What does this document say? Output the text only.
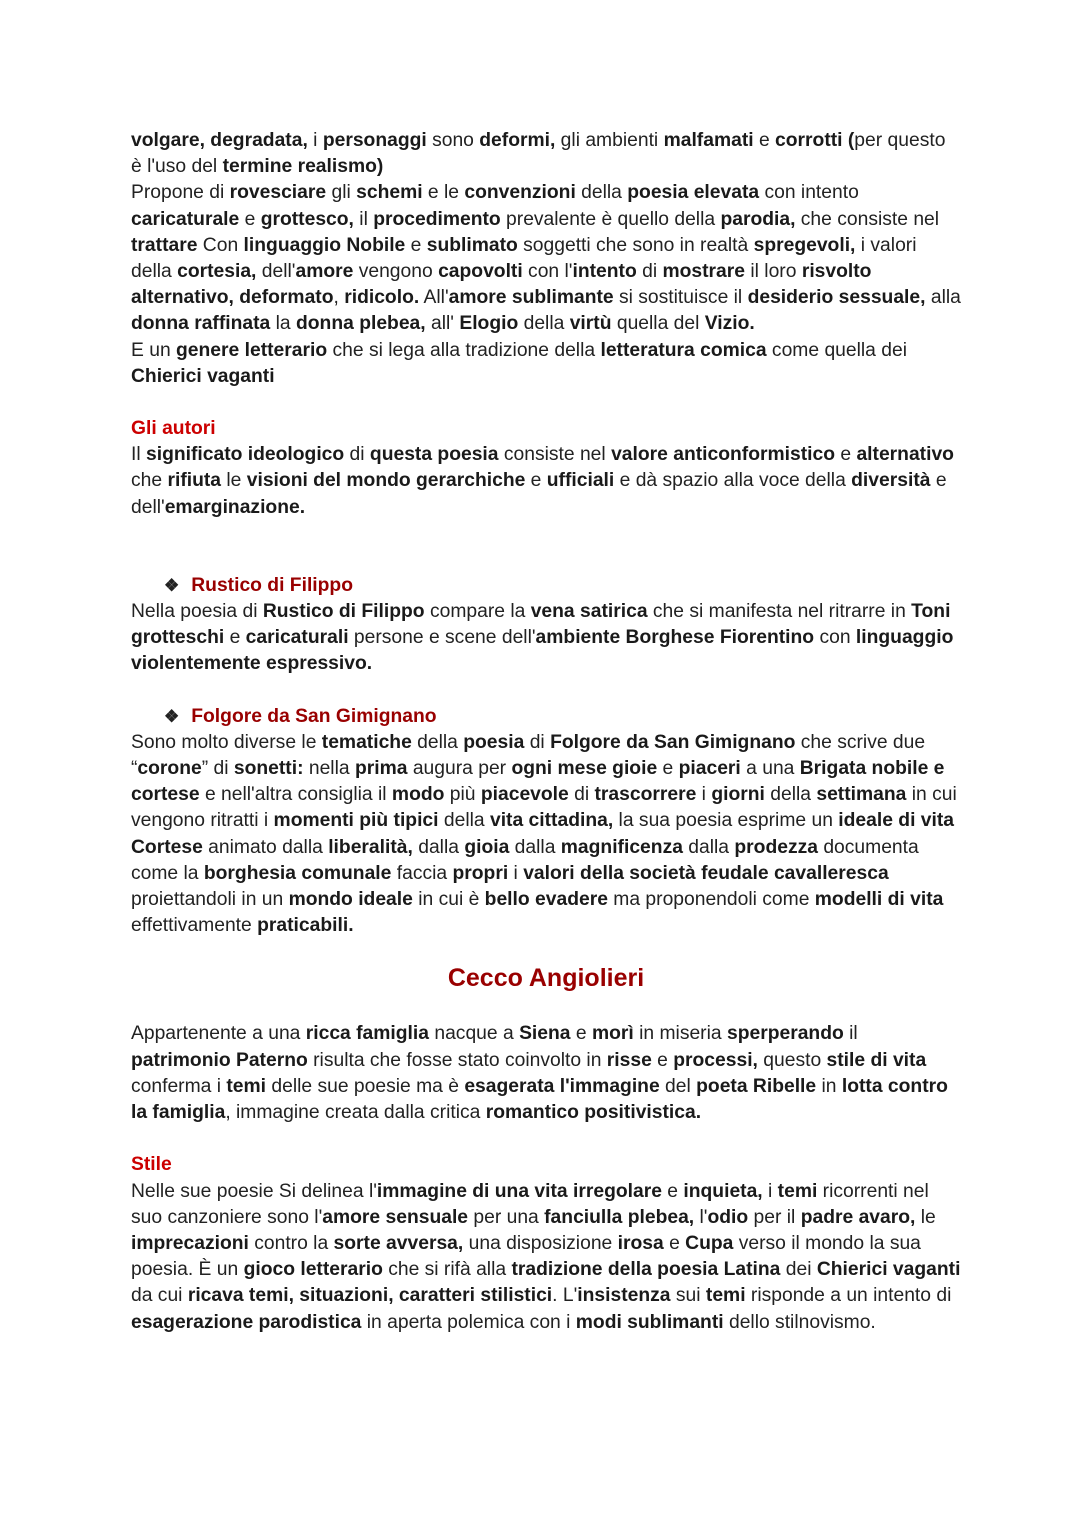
volgare, degradata, i personaggi sono deformi, gli ambienti malfamati e corrotti (per questo è l'uso del termine realismo)

Propone di rovesciare gli schemi e le convenzioni della poesia elevata con intento caricaturale e grottesco, il procedimento prevalente è quello della parodia, che consiste nel trattare Con linguaggio Nobile e sublimato soggetti che sono in realtà spregevoli, i valori della cortesia, dell'amore vengono capovolti con l'intento di mostrare il loro risvolto alternativo, deformato, ridicolo. All'amore sublimante si sostituisce il desiderio sessuale, alla donna raffinata la donna plebea, all' Elogio della virtù quella del Vizio.

E un genere letterario che si lega alla tradizione della letteratura comica come quella dei Chierici vaganti

Gli autori

Il significato ideologico di questa poesia consiste nel valore anticonformistico e alternativo che rifiuta le visioni del mondo gerarchiche e ufficiali e dà spazio alla voce della diversità e dell'emarginazione.

❖ Rustico di Filippo

Nella poesia di Rustico di Filippo compare la vena satirica che si manifesta nel ritrarre in Toni grotteschi e caricaturali persone e scene dell'ambiente Borghese Fiorentino con linguaggio violentemente espressivo.

❖ Folgore da San Gimignano

Sono molto diverse le tematiche della poesia di Folgore da San Gimignano che scrive due “corone” di sonetti: nella prima augura per ogni mese gioie e piaceri a una Brigata nobile e cortese e nell'altra consiglia il modo più piacevole di trascorrere i giorni della settimana in cui vengono ritratti i momenti più tipici della vita cittadina, la sua poesia esprime un ideale di vita Cortese animato dalla liberalità, dalla gioia dalla magnificenza dalla prodezza documenta come la borghesia comunale faccia propri i valori della società feudale cavalleresca proiettandoli in un mondo ideale in cui è bello evadere ma proponendoli come modelli di vita effettivamente praticabili.

Cecco Angiolieri

Appartenente a una ricca famiglia nacque a Siena e morì in miseria sperperando il patrimonio Paterno risulta che fosse stato coinvolto in risse e processi, questo stile di vita conferma i temi delle sue poesie ma è esagerata l'immagine del poeta Ribelle in lotta contro la famiglia, immagine creata dalla critica romantico positivistica.

Stile

Nelle sue poesie Si delinea l'immagine di una vita irregolare e inquieta, i temi ricorrenti nel suo canzoniere sono l'amore sensuale per una fanciulla plebea, l'odio per il padre avaro, le imprecazioni contro la sorte avversa, una disposizione irosa e Cupa verso il mondo la sua poesia. È un gioco letterario che si rifà alla tradizione della poesia Latina dei Chierici vaganti da cui ricava temi, situazioni, caratteri stilistici. L'insistenza sui temi risponde a un intento di esagerazione parodistica in aperta polemica con i modi sublimanti dello stilnovismo.
